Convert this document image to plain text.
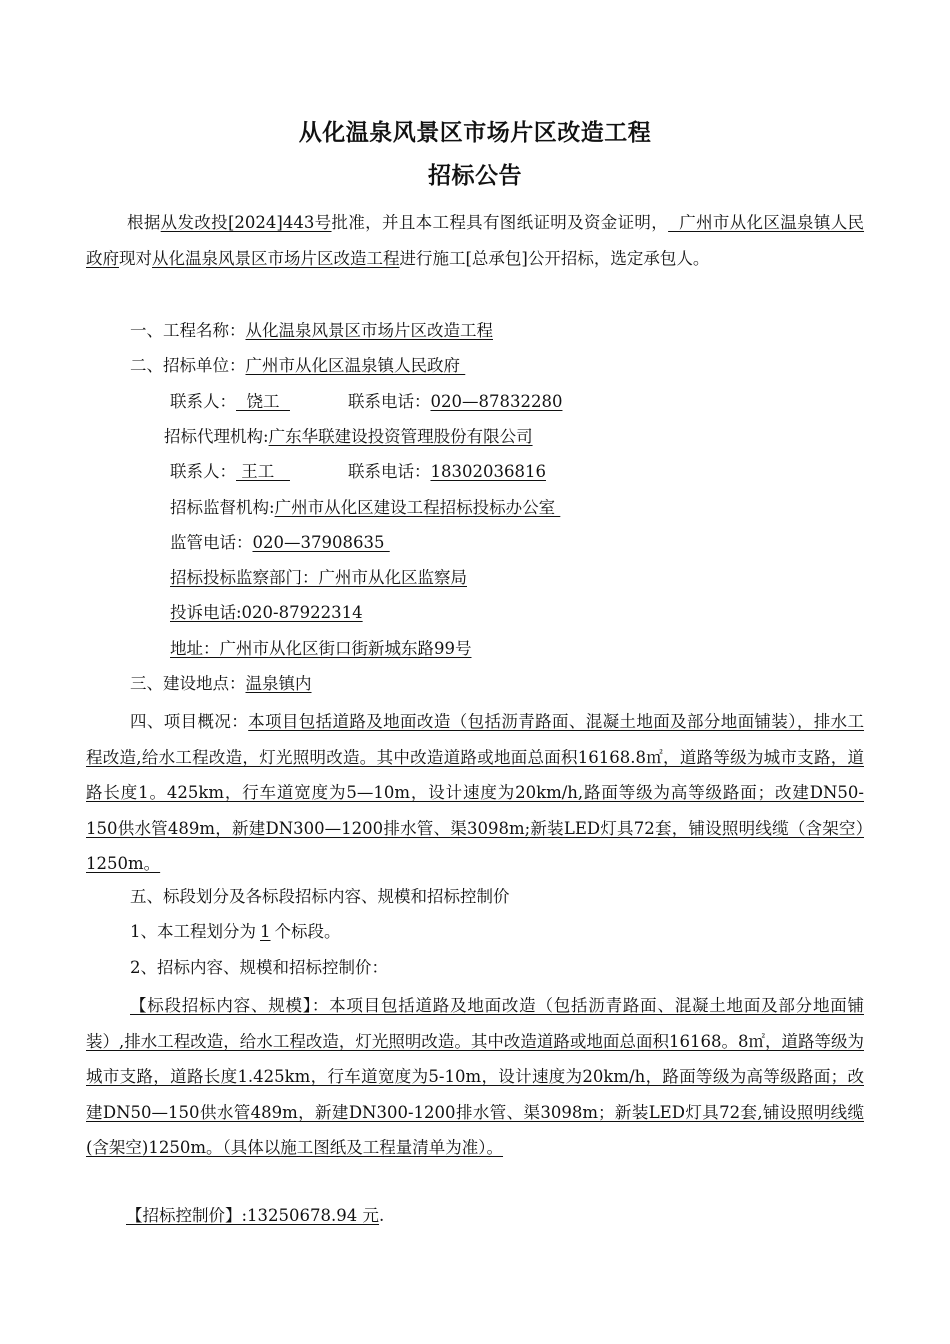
从化温泉风景区市场片区改造工程
招标公告
根据从发改投[2024]443号批准，并且本工程具有图纸证明及资金证明，  广州市从化区温泉镇人民政府现对从化温泉风景区市场片区改造工程进行施工[总承包]公开招标，选定承包人。
一、工程名称：从化温泉风景区市场片区改造工程
二、招标单位：广州市从化区温泉镇人民政府
联系人：  饶工	联系电话：020—87832280
招标代理机构:广东华联建设投资管理股份有限公司
联系人： 王工	联系电话：18302036816
招标监督机构:广州市从化区建设工程招标投标办公室
监管电话：020—37908635
招标投标监察部门：广州市从化区监察局
投诉电话:020-87922314
地址：广州市从化区街口街新城东路99号
三、建设地点：温泉镇内
四、项目概况：本项目包括道路及地面改造（包括沥青路面、混凝土地面及部分地面铺装），排水工程改造,给水工程改造，灯光照明改造。其中改造道路或地面总面积16168.8㎡，道路等级为城市支路，道路长度1。425km，行车道宽度为5—10m，设计速度为20km/h,路面等级为高等级路面；改建DN50-150供水管489m，新建DN300—1200排水管、渠3098m;新装LED灯具72套，铺设照明线缆（含架空）1250m。
五、标段划分及各标段招标内容、规模和招标控制价
1、本工程划分为 1 个标段。
2、招标内容、规模和招标控制价：
【标段招标内容、规模】：本项目包括道路及地面改造（包括沥青路面、混凝土地面及部分地面铺装）,排水工程改造，给水工程改造，灯光照明改造。其中改造道路或地面总面积16168。8㎡，道路等级为城市支路，道路长度1.425km，行车道宽度为5-10m，设计速度为20km/h，路面等级为高等级路面；改建DN50—150供水管489m，新建DN300-1200排水管、渠3098m；新装LED灯具72套,铺设照明线缆(含架空)1250m。（具体以施工图纸及工程量清单为准）。
【招标控制价】:13250678.94 元.
